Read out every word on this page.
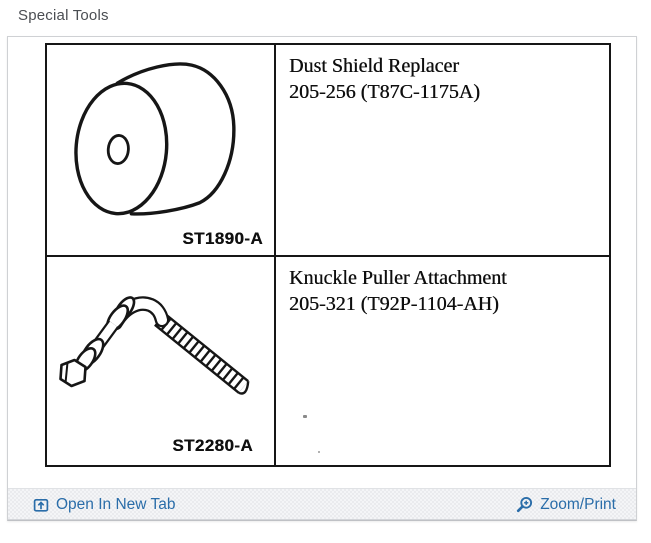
Special Tools
ST1890-A
Dust Shield Replacer
205-256 (T87C-1175A)
ST2280-A
Knuckle Puller Attachment
205-321 (T92P-1104-AH)
Open In New Tab	Zoom/Print
